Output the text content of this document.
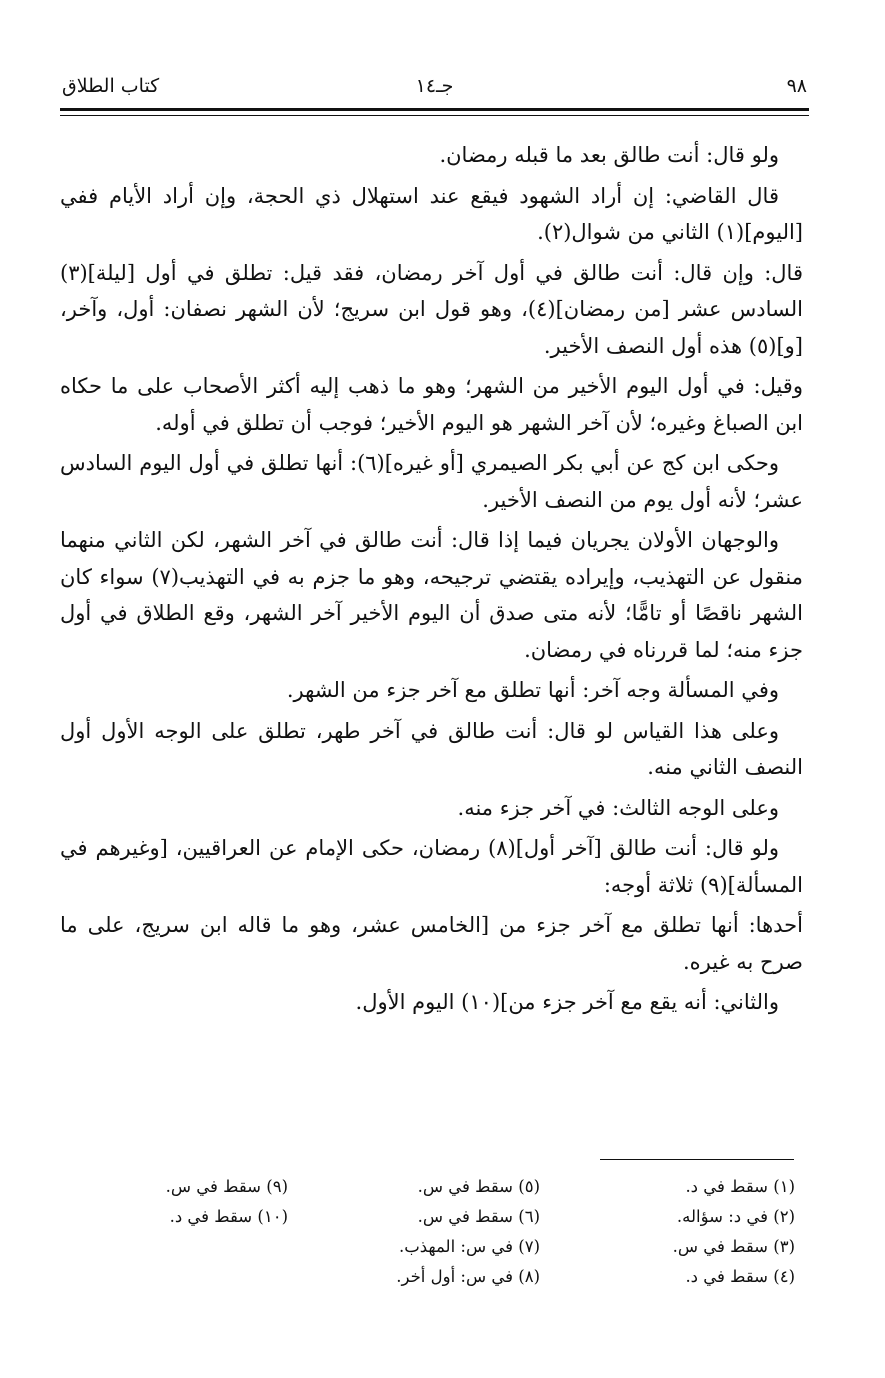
٩٨
جـ١٤
كتاب الطلاق

ولو قال: أنت طالق بعد ما قبله رمضان.

قال القاضي: إن أراد الشهود فيقع عند استهلال ذي الحجة، وإن أراد الأيام ففي [اليوم](١) الثاني من شوال(٢).

قال: وإن قال: أنت طالق في أول آخر رمضان، فقد قيل: تطلق في أول [ليلة](٣) السادس عشر [من رمضان](٤)، وهو قول ابن سريج؛ لأن الشهر نصفان: أول، وآخر، [و](٥) هذه أول النصف الأخير.

وقيل: في أول اليوم الأخير من الشهر؛ وهو ما ذهب إليه أكثر الأصحاب على ما حكاه ابن الصباغ وغيره؛ لأن آخر الشهر هو اليوم الأخير؛ فوجب أن تطلق في أوله.

وحكى ابن كج عن أبي بكر الصيمري [أو غيره](٦): أنها تطلق في أول اليوم السادس عشر؛ لأنه أول يوم من النصف الأخير.

والوجهان الأولان يجريان فيما إذا قال: أنت طالق في آخر الشهر، لكن الثاني منهما منقول عن التهذيب، وإيراده يقتضي ترجيحه، وهو ما جزم به في التهذيب(٧) سواء كان الشهر ناقصًا أو تامًّا؛ لأنه متى صدق أن اليوم الأخير آخر الشهر، وقع الطلاق في أول جزء منه؛ لما قررناه في رمضان.

وفي المسألة وجه آخر: أنها تطلق مع آخر جزء من الشهر.

وعلى هذا القياس لو قال: أنت طالق في آخر طهر، تطلق على الوجه الأول أول النصف الثاني منه.

وعلى الوجه الثالث: في آخر جزء منه.

ولو قال: أنت طالق [آخر أول](٨) رمضان، حكى الإمام عن العراقيين، [وغيرهم في المسألة](٩) ثلاثة أوجه:

أحدها: أنها تطلق مع آخر جزء من [الخامس عشر، وهو ما قاله ابن سريج، على ما صرح به غيره.

والثاني: أنه يقع مع آخر جزء من](١٠) اليوم الأول.

(١) سقط في د.
(٢) في د: سؤاله.
(٣) سقط في س.
(٤) سقط في د.
(٥) سقط في س.
(٦) سقط في س.
(٧) في س: المهذب.
(٨) في س: أول أخر.
(٩) سقط في س.
(١٠) سقط في د.
